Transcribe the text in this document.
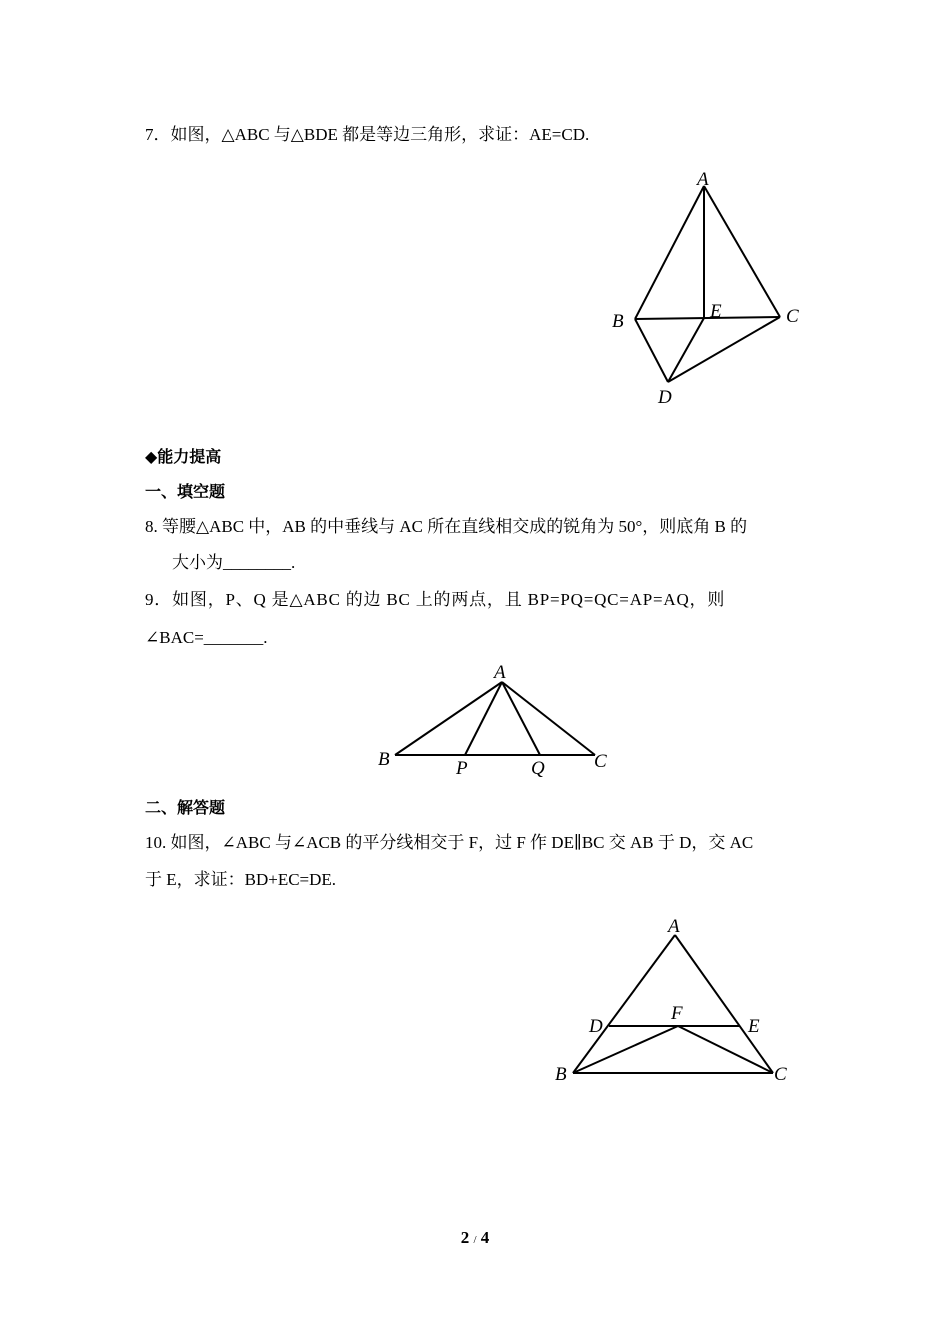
7．如图，△ABC 与△BDE 都是等边三角形，求证：AE=CD.
A
B	C
E
D
◆能力提高
一、填空题
8. 等腰△ABC 中，AB 的中垂线与 AC 所在直线相交成的锐角为 50°，则底角 B 的
大小为________.
9．如图，P、Q 是△ABC 的边 BC 上的两点，且 BP=PQ=QC=AP=AQ，则
∠BAC=_______.
A
B	P	Q	C
二、解答题
10. 如图，∠ABC 与∠ACB 的平分线相交于 F，过 F 作 DE∥BC 交 AB 于 D，交 AC
于 E，求证：BD+EC=DE.
A
D
F
E
B	C
2 / 4
